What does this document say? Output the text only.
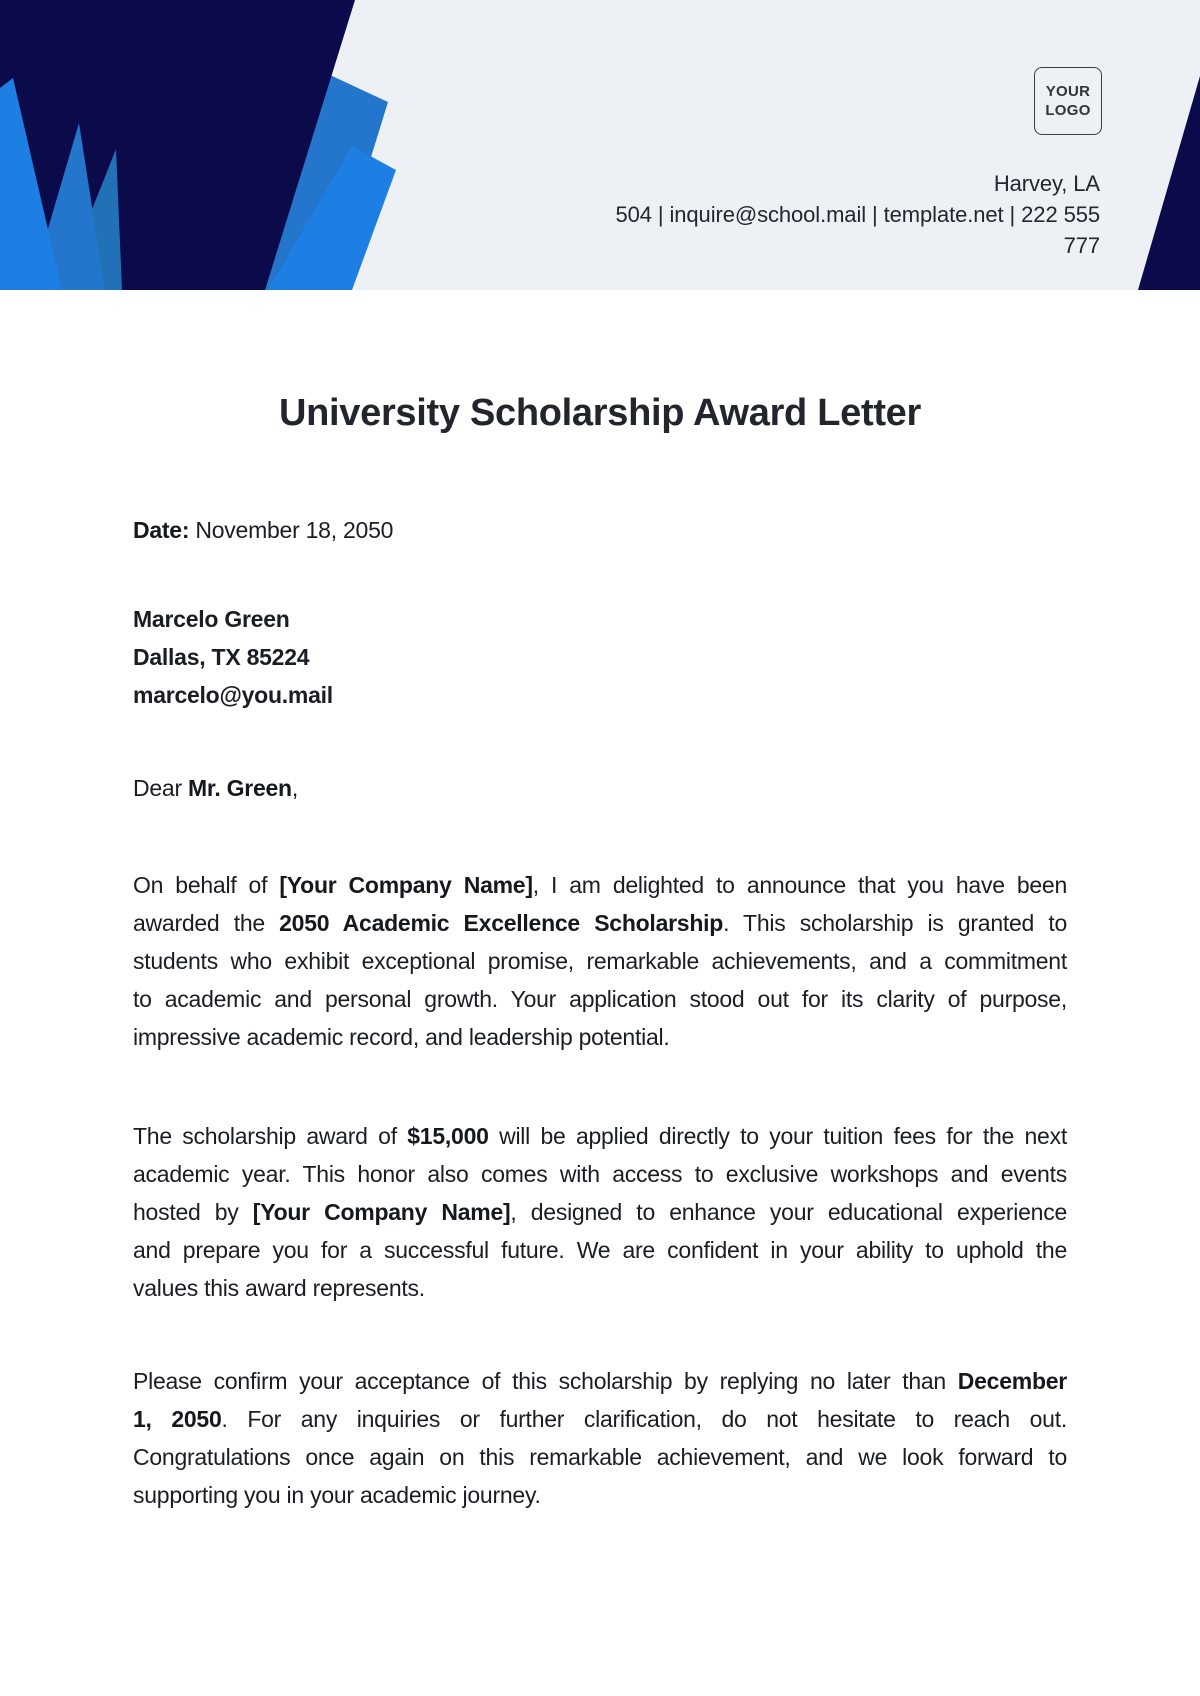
YOUR
LOGO
Harvey, LA
504 | inquire@school.mail | template.net | 222 555
777
University Scholarship Award Letter
Date: November 18, 2050
Marcelo Green
Dallas, TX 85224
marcelo@you.mail
Dear Mr. Green,
On behalf of [Your Company Name], I am delighted to announce that you have been
awarded the 2050 Academic Excellence Scholarship. This scholarship is granted to
students who exhibit exceptional promise, remarkable achievements, and a commitment
to academic and personal growth. Your application stood out for its clarity of purpose,
impressive academic record, and leadership potential.
The scholarship award of $15,000 will be applied directly to your tuition fees for the next
academic year. This honor also comes with access to exclusive workshops and events
hosted by [Your Company Name], designed to enhance your educational experience
and prepare you for a successful future. We are confident in your ability to uphold the
values this award represents.
Please confirm your acceptance of this scholarship by replying no later than December
1, 2050. For any inquiries or further clarification, do not hesitate to reach out.
Congratulations once again on this remarkable achievement, and we look forward to
supporting you in your academic journey.
